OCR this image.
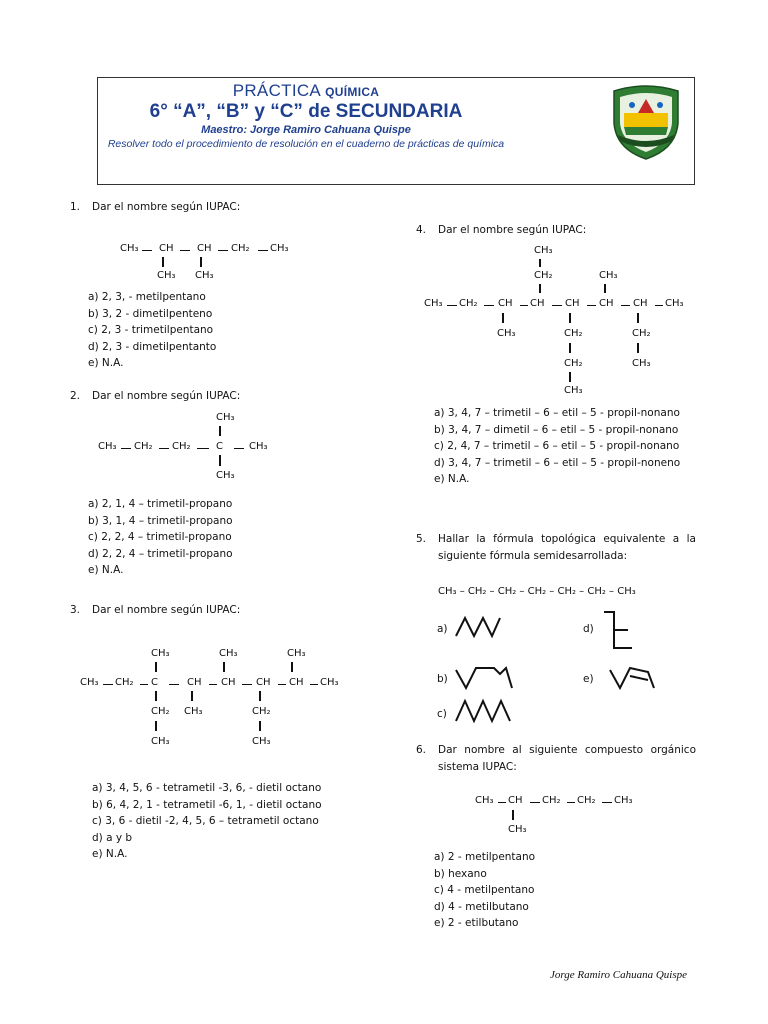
PRÁCTICA QUÍMICA
6° “A”, “B” y “C” de SECUNDARIA
Maestro: Jorge Ramiro Cahuana Quispe
Resolver todo el procedimiento de resolución en el cuaderno de prácticas de química
1. Dar el nombre según IUPAC:
CH₃ CH CH CH₂ CH₃
CH₃ CH₃
a) 2, 3, - metilpentano
b) 3, 2 - dimetilpenteno
c) 2, 3 - trimetilpentano
d) 2, 3 - dimetilpentanto
e) N.A.
2. Dar el nombre según IUPAC:
CH₃
CH₃ CH₂ CH₂	C	CH₃
CH₃
a) 2, 1, 4 – trimetil-propano
b) 3, 1, 4 – trimetil-propano
c) 2, 2, 4 – trimetil-propano
d) 2, 2, 4 – trimetil-propano
e) N.A.
3. Dar el nombre según IUPAC:
CH₃	CH₃	CH₃
CH₃ CH₂ C	CH CH CH CH CH₃
CH₂ CH₃	CH₂
CH₃	CH₃
a) 3, 4, 5, 6 - tetrametil -3, 6, - dietil octano
b) 6, 4, 2, 1 - tetrametil -6, 1, - dietil octano
c) 3, 6 - dietil -2, 4, 5, 6 – tetrametil octano
d) a y b
e) N.A.
4. Dar el nombre según IUPAC:
CH₃
CH₂	CH₃
CH₃ CH₂ CH CH CH CH CH CH₃
CH₃	CH₂	CH₂
CH₂	CH₃
CH₃
a) 3, 4, 7 – trimetil – 6 – etil – 5 - propil-nonano
b) 3, 4, 7 – dimetil – 6 – etil – 5 - propil-nonano
c) 2, 4, 7 – trimetil – 6 – etil – 5 - propil-nonano
d) 3, 4, 7 – trimetil – 6 – etil – 5 - propil-noneno
e) N.A.
5. Hallar la fórmula topológica equivalente a la siguiente fórmula semidesarrollada:
CH₃ – CH₂ – CH₂ – CH₂ – CH₂ – CH₂ – CH₃
a)
b)
c)
d)
e)
6. Dar nombre al siguiente compuesto orgánico sistema IUPAC:
CH₃ CH CH₂ CH₂ CH₃
CH₃
a) 2 - metilpentano
b) hexano
c) 4 - metilpentano
d) 4 - metilbutano
e) 2 - etilbutano
Jorge Ramiro Cahuana Quispe
